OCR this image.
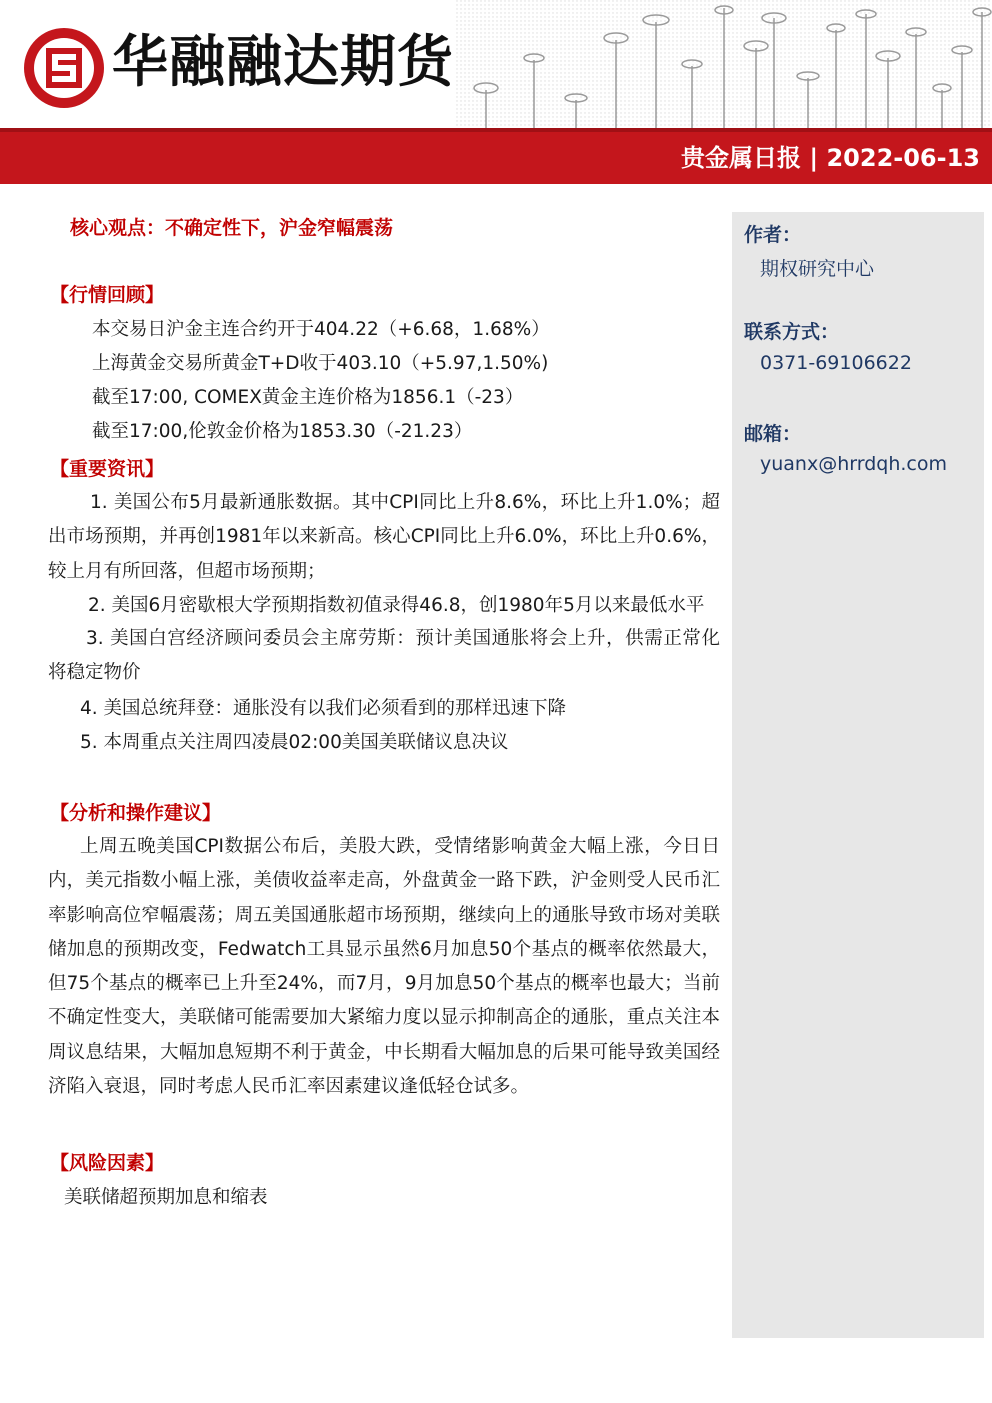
华融融达期货
贵金属日报 | 2022-06-13
作者：
期权研究中心
联系方式：
0371-69106622
邮箱：
yuanx@hrrdqh.com
核心观点：不确定性下，沪金窄幅震荡
【行情回顾】
本交易日沪金主连合约开于404.22（+6.68，1.68%）
上海黄金交易所黄金T+D收于403.10（+5.97,1.50%)
截至17:00, COMEX黄金主连价格为1856.1（-23）
截至17:00,伦敦金价格为1853.30（-21.23）
【重要资讯】

1. 美国公布5月最新通胀数据。其中CPI同比上升8.6%，环比上升1.0%；超出市场预期，并再创1981年以来新高。核心CPI同比上升6.0%，环比上升0.6%，较上月有所回落，但超市场预期；

2. 美国6月密歇根大学预期指数初值录得46.8，创1980年5月以来最低水平

3. 美国白宫经济顾问委员会主席劳斯：预计美国通胀将会上升，供需正常化将稳定物价

4. 美国总统拜登：通胀没有以我们必须看到的那样迅速下降
5. 本周重点关注周四凌晨02:00美国美联储议息决议
【分析和操作建议】

上周五晚美国CPI数据公布后，美股大跌，受情绪影响黄金大幅上涨，今日日内，美元指数小幅上涨，美债收益率走高，外盘黄金一路下跌，沪金则受人民币汇率影响高位窄幅震荡；周五美国通胀超市场预期，继续向上的通胀导致市场对美联储加息的预期改变，Fedwatch工具显示虽然6月加息50个基点的概率依然最大，但75个基点的概率已上升至24%，而7月，9月加息50个基点的概率也最大；当前不确定性变大，美联储可能需要加大紧缩力度以显示抑制高企的通胀，重点关注本周议息结果，大幅加息短期不利于黄金，中长期看大幅加息的后果可能导致美国经济陷入衰退，同时考虑人民币汇率因素建议逢低轻仓试多。

【风险因素】
美联储超预期加息和缩表
